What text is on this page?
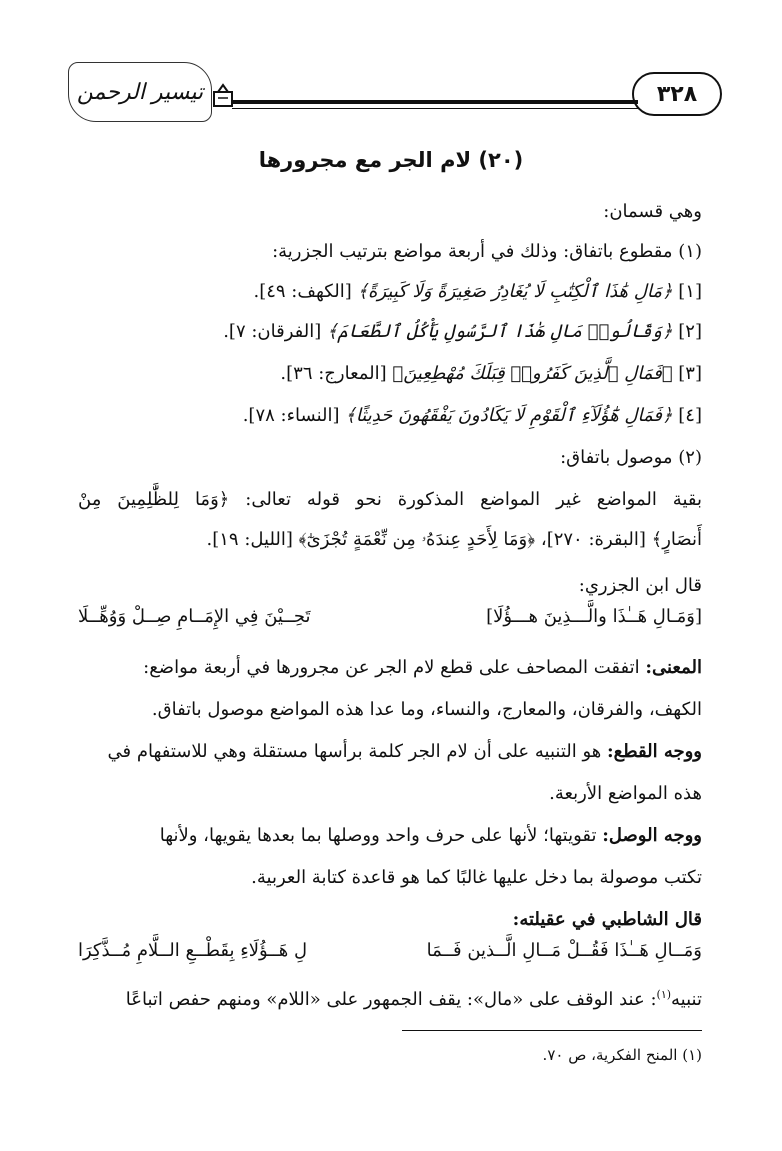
٣٢٨
تيسير الرحمن
(٢٠) لام الجر مع مجرورها
وهي قسمان:
(١) مقطوع باتفاق: وذلك في أربعة مواضع بترتيب الجزرية:
[١] ﴿مَالِ هَٰذَا ٱلْكِتَٰبِ لَا يُغَادِرُ صَغِيرَةً وَلَا كَبِيرَةً﴾ [الكهف: ٤٩].
[٢] ﴿وَقَالُوا۟ مَالِ هَٰذَا ٱلرَّسُولِ يَأْكُلُ ٱلطَّعَامَ﴾ [الفرقان: ٧].
[٣] ﴿فَمَالِ ٱلَّذِينَ كَفَرُوا۟ قِبَلَكَ مُهْطِعِينَ﴾ [المعارج: ٣٦].
[٤] ﴿فَمَالِ هَٰٓؤُلَآءِ ٱلْقَوْمِ لَا يَكَادُونَ يَفْقَهُونَ حَدِيثًا﴾ [النساء: ٧٨].
(٢) موصول باتفاق:
بقية المواضع غير المواضع المذكورة نحو قوله تعالى: ﴿وَمَا لِلظَّٰلِمِينَ مِنْ
أَنصَارٍ﴾ [البقرة: ٢٧٠]، ﴿وَمَا لِأَحَدٍ عِندَهُۥ مِن نِّعْمَةٍ تُجْزَىٰٓ﴾ [الليل: ١٩].
قال ابن الجزري:
[وَمَـالِ هَــٰذَا والَّـــذِينَ هـــؤُلَا]
تَحِــيْنَ فِي الإِمَــامِ صِــلْ وَوُهِّــلَا
المعنى: اتفقت المصاحف على قطع لام الجر عن مجرورها في أربعة مواضع:
الكهف، والفرقان، والمعارج، والنساء، وما عدا هذه المواضع موصول باتفاق.
ووجه القطع: هو التنبيه على أن لام الجر كلمة برأسها مستقلة وهي للاستفهام في
هذه المواضع الأربعة.
ووجه الوصل: تقويتها؛ لأنها على حرف واحد ووصلها بما بعدها يقويها، ولأنها
تكتب موصولة بما دخل عليها غالبًا كما هو قاعدة كتابة العربية.
قال الشاطبي في عقيلته:
وَمَــالِ هَــٰذَا فَقُــلْ مَــالِ الَّــذين فَــمَا
لِ هَــؤُلَاءِ بِقَطْــعِ الــلَّامِ مُــذَّكِرَا
تنبيه$^{(١)}$: عند الوقف على «مال»: يقف الجمهور على «اللام» ومنهم حفص اتباعًا
(١) المنح الفكرية، ص ٧٠.
